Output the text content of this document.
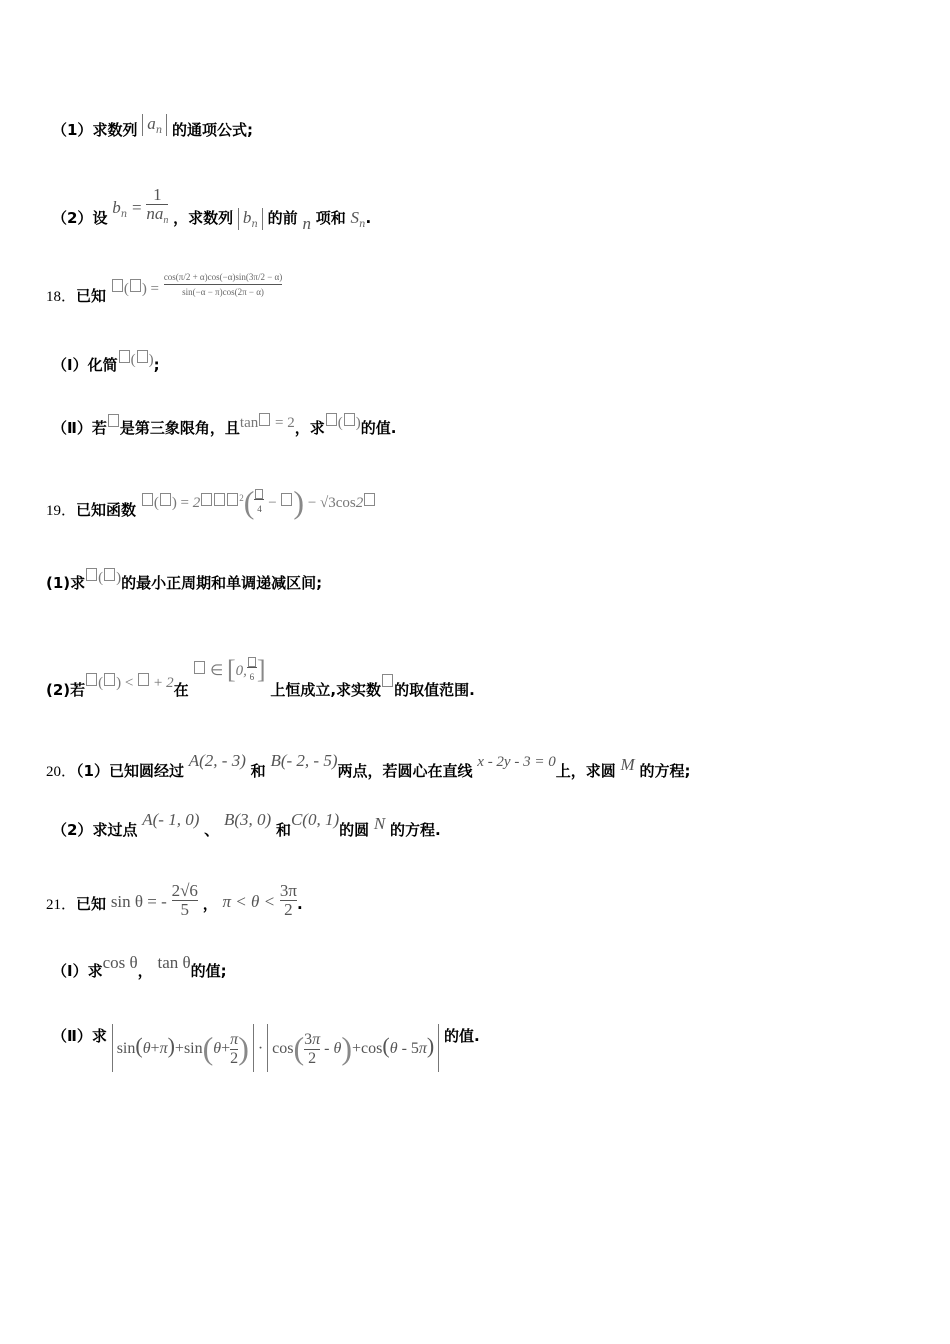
（1）求数列 $a_n$ 的通项公式;
（2）设 $b^n = \frac{1}{na_n}$ ，求数列 $b_n$ 的前 n 项和 $S_n$.
18．已知 ( ) = $\frac{\cos(\pi/2 + \alpha)\cos(-\alpha)\sin(3\pi/2 - \alpha)}{\sin(-\alpha - \pi)\cos(2\pi - \alpha)}$
（Ⅰ）化简 ( );
（Ⅱ）若 是第三象限角，且tan = 2，求 ( )的值.
19．已知函数 ( ) = 2	$^2$( 4 − ) − √3cos2
(1)求 ( )的最小正周期和单调递减区间;
(2)若 ( ) <  + 2在  ∈ [0, 6 ] 上恒成立,求实数 的取值范围.
20．（1）已知圆经过 A(2, - 3) 和 B(- 2, - 5)两点，若圆心在直线 x - 2y - 3 = 0上，求圆 M 的方程;
（2）求过点 A(- 1, 0) 、 B(3, 0) 和C(0, 1)的圆 N 的方程.
21．已知 sin θ = - $\frac{2√6}{5}$ ， $\pi < \theta < \frac{3\pi}{2}$ .
（Ⅰ）求cos θ， tan θ的值;
（Ⅱ）求 $\sin(\theta+\pi)+\sin(\theta+ \frac{\pi}{2}$ ) · $\cos( \frac{3\pi}{2} - \theta)+\cos(\theta - 5\pi)$ 的值.
